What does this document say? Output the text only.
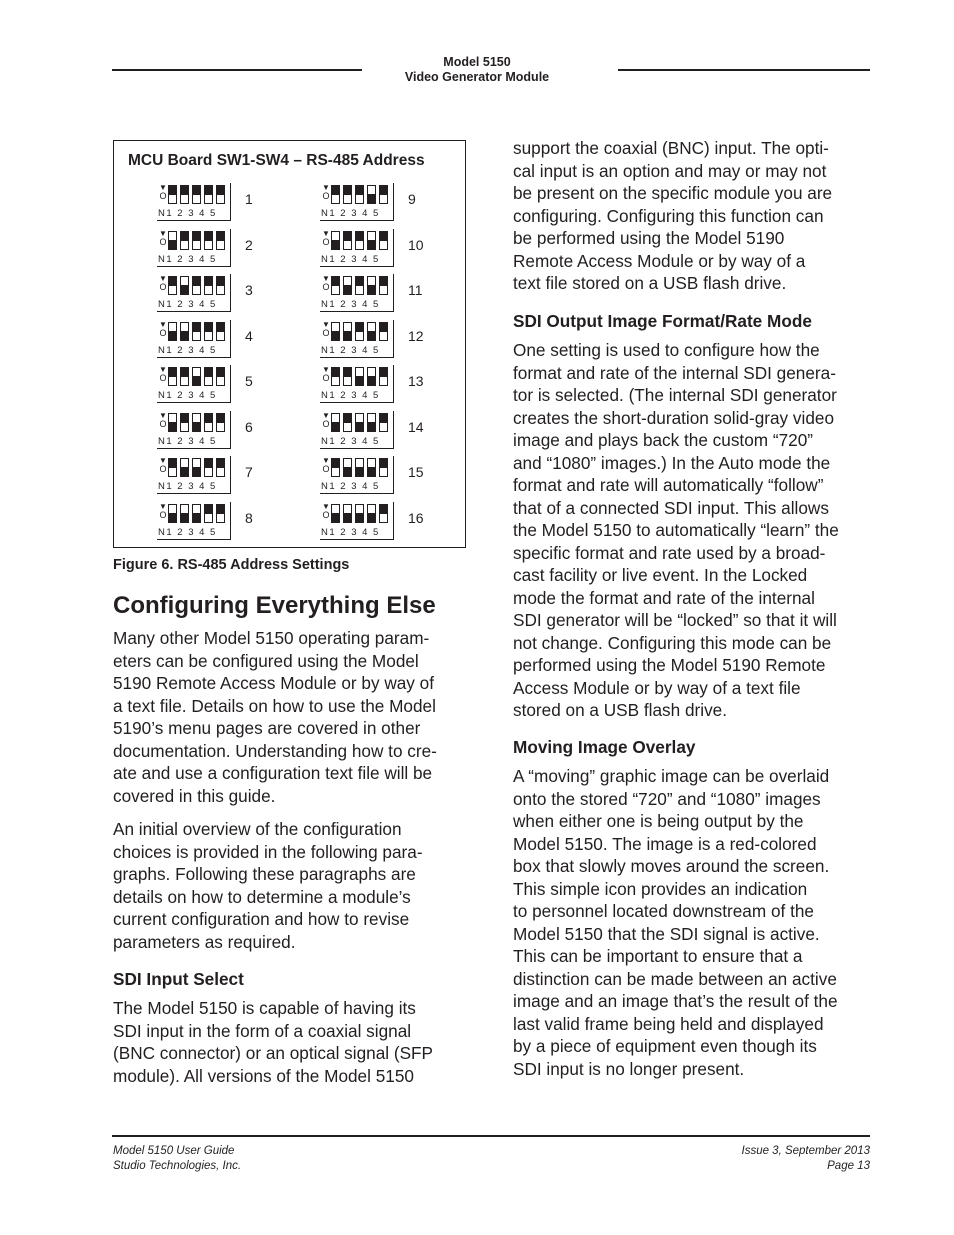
Model 5150
Video Generator Module
MCU Board SW1-SW4 – RS-485 Address
▼
O
N1 2 3 4 5
1
▼
O
N1 2 3 4 5
2
▼
O
N1 2 3 4 5
3
▼
O
N1 2 3 4 5
4
▼
O
N1 2 3 4 5
5
▼
O
N1 2 3 4 5
6
▼
O
N1 2 3 4 5
7
▼
O
N1 2 3 4 5
8
▼
O
N1 2 3 4 5
9
▼
O
N1 2 3 4 5
10
▼
O
N1 2 3 4 5
11
▼
O
N1 2 3 4 5
12
▼
O
N1 2 3 4 5
13
▼
O
N1 2 3 4 5
14
▼
O
N1 2 3 4 5
15
▼
O
N1 2 3 4 5
16
Figure 6. RS-485 Address Settings
Configuring Everything Else
Many other Model 5150 operating param-
eters can be configured using the Model
5190 Remote Access Module or by way of
a text file. Details on how to use the Model
5190’s menu pages are covered in other
documentation. Understanding how to cre-
ate and use a configuration text file will be
covered in this guide.
An initial overview of the configuration
choices is provided in the following para-
graphs. Following these paragraphs are
details on how to determine a module’s
current configuration and how to revise
parameters as required.
SDI Input Select
The Model 5150 is capable of having its
SDI input in the form of a coaxial signal
(BNC connector) or an optical signal (SFP
module). All versions of the Model 5150
support the coaxial (BNC) input. The opti-
cal input is an option and may or may not
be present on the specific module you are
configuring. Configuring this function can
be performed using the Model 5190
Remote Access Module or by way of a
text file stored on a USB flash drive.
SDI Output Image Format/Rate Mode
One setting is used to configure how the
format and rate of the internal SDI genera-
tor is selected. (The internal SDI generator
creates the short-duration solid-gray video
image and plays back the custom “720”
and “1080” images.) In the Auto mode the
format and rate will automatically “follow”
that of a connected SDI input. This allows
the Model 5150 to automatically “learn” the
specific format and rate used by a broad-
cast facility or live event. In the Locked
mode the format and rate of the internal
SDI generator will be “locked” so that it will
not change. Configuring this mode can be
performed using the Model 5190 Remote
Access Module or by way of a text file
stored on a USB flash drive.
Moving Image Overlay
A “moving” graphic image can be overlaid
onto the stored “720” and “1080” images
when either one is being output by the
Model 5150. The image is a red-colored
box that slowly moves around the screen.
This simple icon provides an indication
to personnel located downstream of the
Model 5150 that the SDI signal is active.
This can be important to ensure that a
distinction can be made between an active
image and an image that’s the result of the
last valid frame being held and displayed
by a piece of equipment even though its
SDI input is no longer present.
Model 5150 User Guide
Studio Technologies, Inc.
Issue 3, September 2013
Page 13
